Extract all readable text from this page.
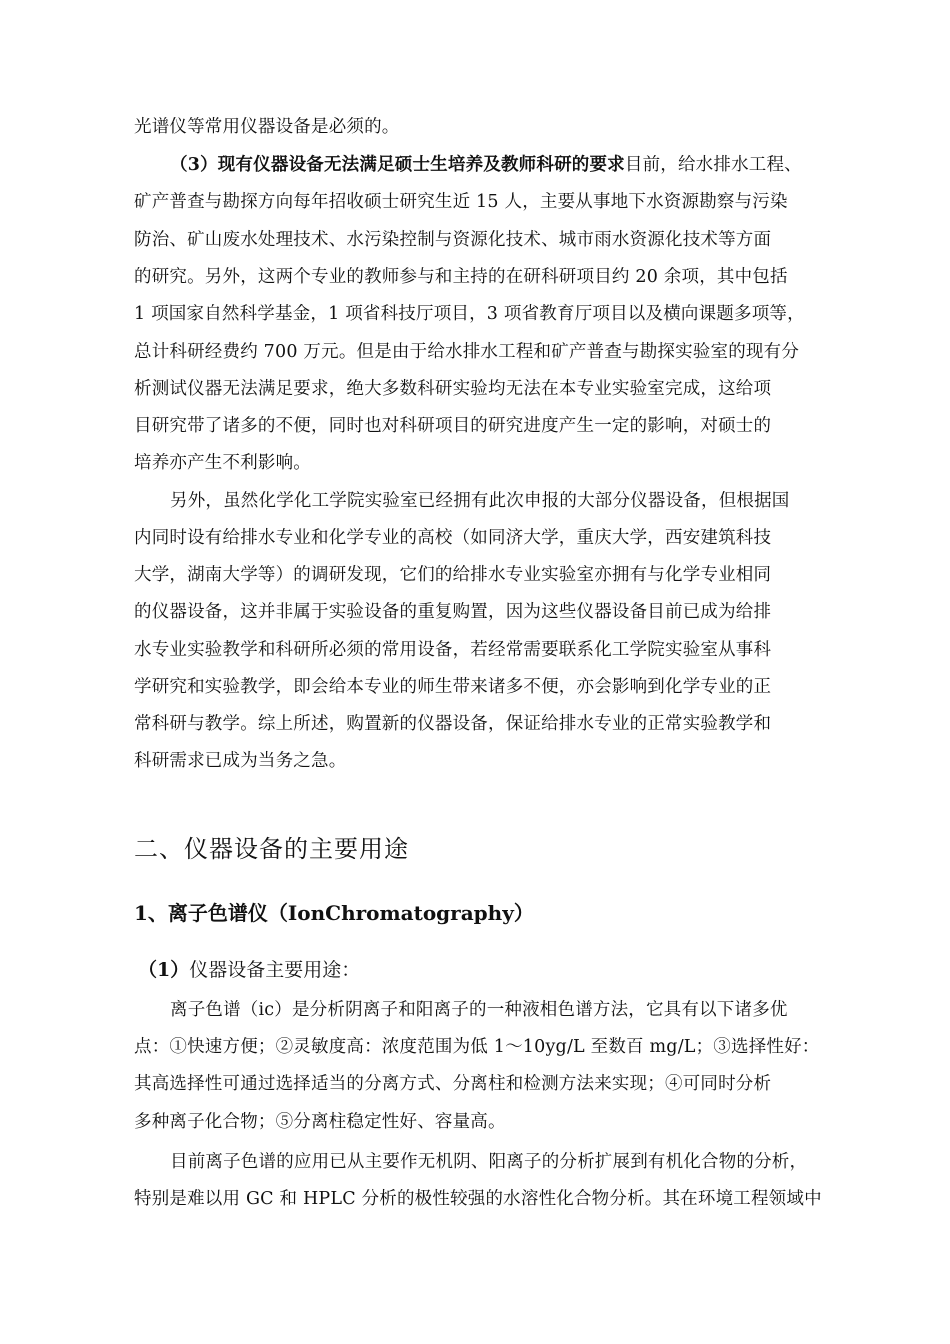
光谱仪等常用仪器设备是必须的。
（3）现有仪器设备无法满足硕士生培养及教师科研的要求目前，给水排水工程、
矿产普查与勘探方向每年招收硕士研究生近 15 人，主要从事地下水资源勘察与污染
防治、矿山废水处理技术、水污染控制与资源化技术、城市雨水资源化技术等方面
的研究。另外，这两个专业的教师参与和主持的在研科研项目约 20 余项，其中包括
1 项国家自然科学基金，1 项省科技厅项目，3 项省教育厅项目以及横向课题多项等，
总计科研经费约 700 万元。但是由于给水排水工程和矿产普查与勘探实验室的现有分
析测试仪器无法满足要求，绝大多数科研实验均无法在本专业实验室完成，这给项
目研究带了诸多的不便，同时也对科研项目的研究进度产生一定的影响，对硕士的
培养亦产生不利影响。
另外，虽然化学化工学院实验室已经拥有此次申报的大部分仪器设备，但根据国
内同时设有给排水专业和化学专业的高校（如同济大学，重庆大学，西安建筑科技
大学，湖南大学等）的调研发现，它们的给排水专业实验室亦拥有与化学专业相同
的仪器设备，这并非属于实验设备的重复购置，因为这些仪器设备目前已成为给排
水专业实验教学和科研所必须的常用设备，若经常需要联系化工学院实验室从事科
学研究和实验教学，即会给本专业的师生带来诸多不便，亦会影响到化学专业的正
常科研与教学。综上所述，购置新的仪器设备，保证给排水专业的正常实验教学和
科研需求已成为当务之急。
二、仪器设备的主要用途
1、离子色谱仪（IonChromatography）
（1）仪器设备主要用途：
离子色谱（ic）是分析阴离子和阳离子的一种液相色谱方法，它具有以下诸多优
点：①快速方便；②灵敏度高：浓度范围为低 1〜10yg/L 至数百 mg/L；③选择性好：
其高选择性可通过选择适当的分离方式、分离柱和检测方法来实现；④可同时分析
多种离子化合物；⑤分离柱稳定性好、容量高。
目前离子色谱的应用已从主要作无机阴、阳离子的分析扩展到有机化合物的分析，
特别是难以用 GC 和 HPLC 分析的极性较强的水溶性化合物分析。其在环境工程领域中
